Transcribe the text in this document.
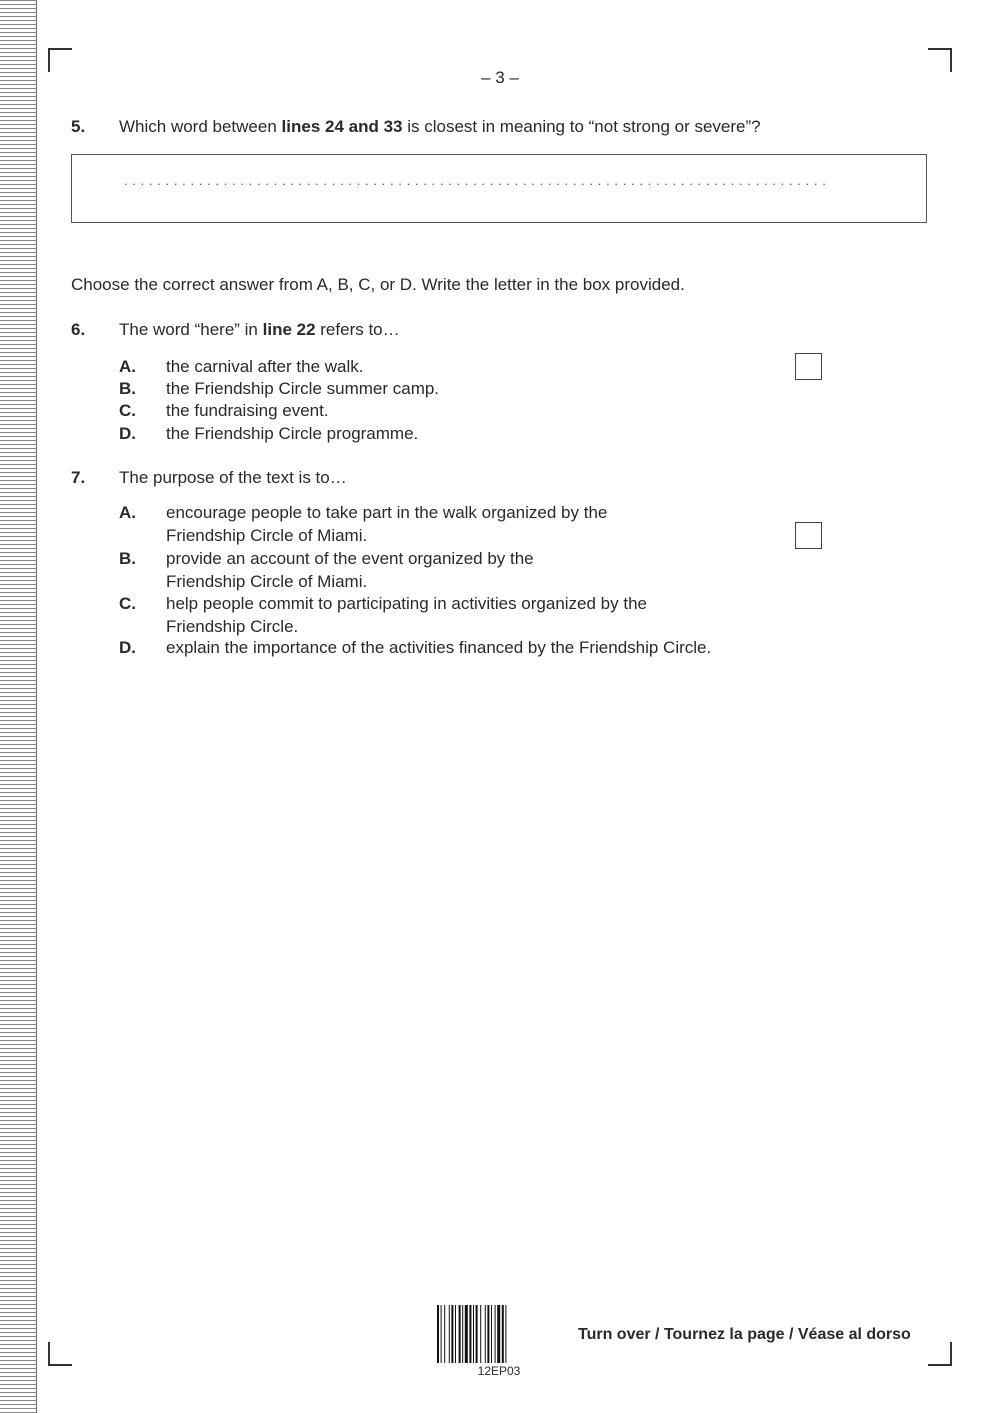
– 3 –
5. Which word between lines 24 and 33 is closest in meaning to “not strong or severe”?
.....................................................................................
Choose the correct answer from A, B, C, or D. Write the letter in the box provided.
6. The word “here” in line 22 refers to…
A. the carnival after the walk.
B. the Friendship Circle summer camp.
C. the fundraising event.
D. the Friendship Circle programme.
7. The purpose of the text is to…
A. encourage people to take part in the walk organized by the
Friendship Circle of Miami.
B. provide an account of the event organized by the
Friendship Circle of Miami.
C. help people commit to participating in activities organized by the
Friendship Circle.
D. explain the importance of the activities financed by the Friendship Circle.
12EP03
Turn over / Tournez la page / Véase al dorso
